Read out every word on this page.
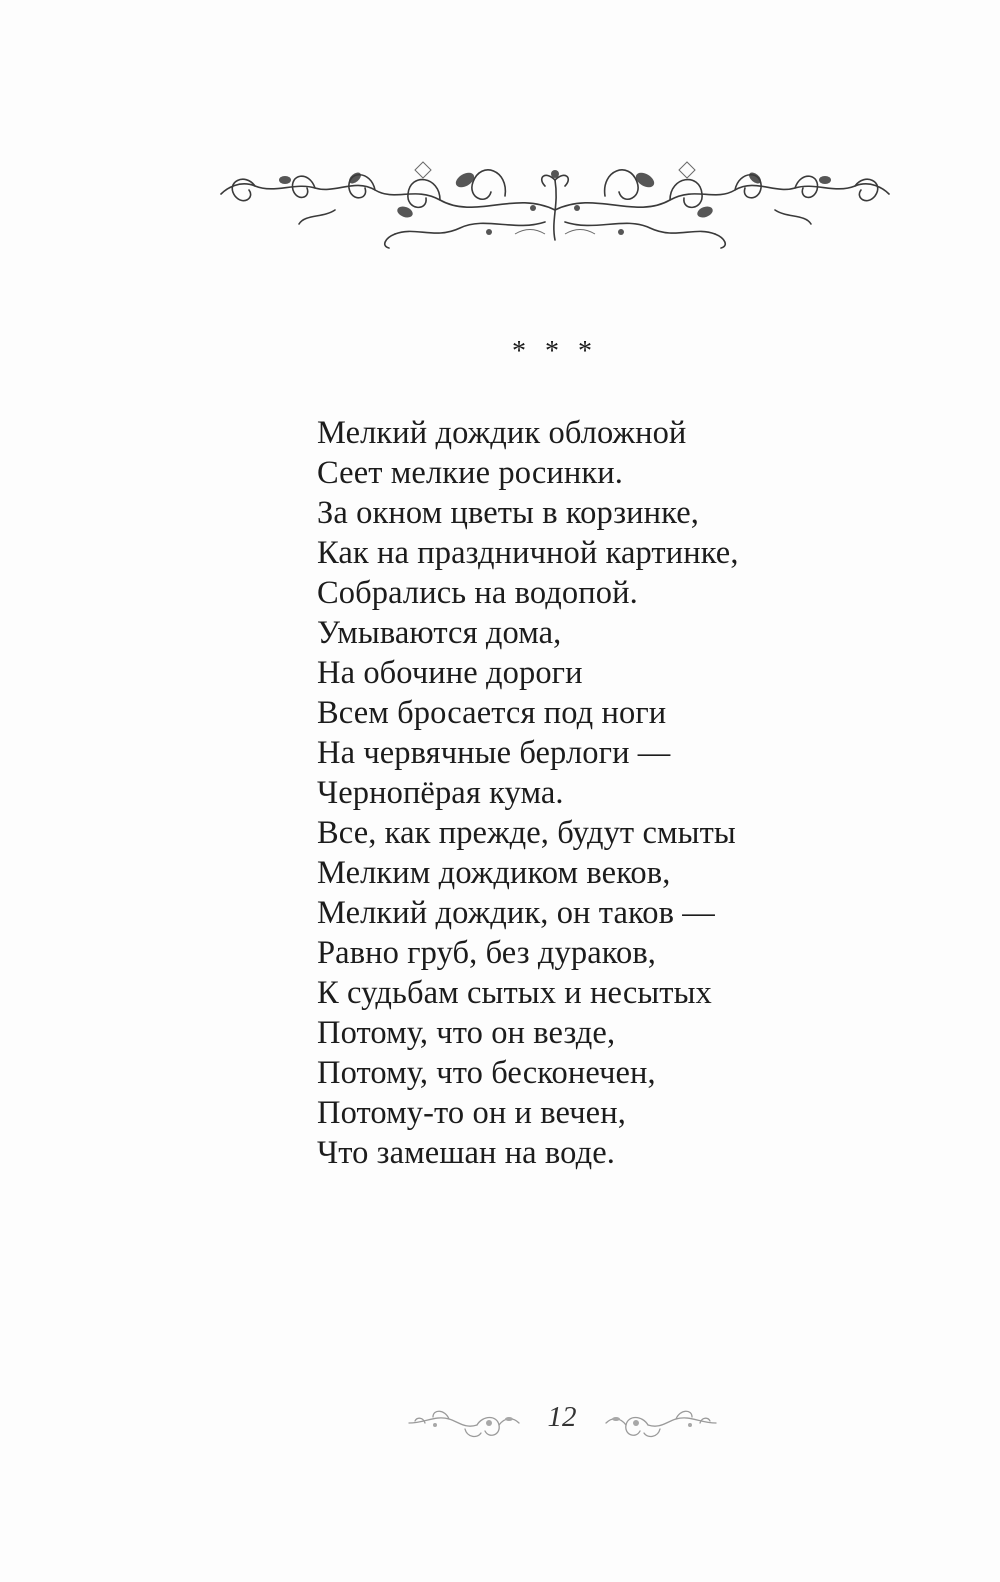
* * *
Мелкий дождик обложной
Сеет мелкие росинки.
За окном цветы в корзинке,
Как на праздничной картинке,
Собрались на водопой.
Умываются дома,
На обочине дороги
Всем бросается под ноги
На червячные берлоги —
Чернопёрая кума.
Все, как прежде, будут смыты
Мелким дождиком веков,
Мелкий дождик, он таков —
Равно груб, без дураков,
К судьбам сытых и несытых
Потому, что он везде,
Потому, что бесконечен,
Потому-то он и вечен,
Что замешан на воде.
12
